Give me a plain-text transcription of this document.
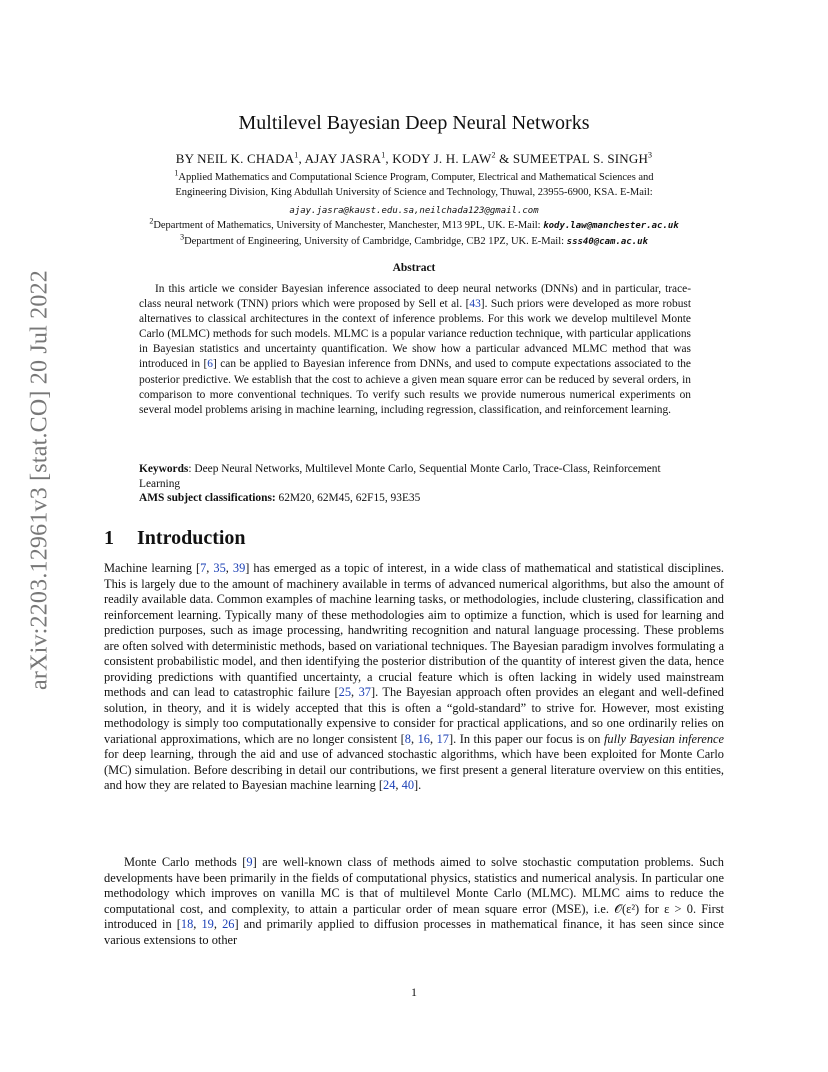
arXiv:2203.12961v3 [stat.CO] 20 Jul 2022
Multilevel Bayesian Deep Neural Networks
BY NEIL K. CHADA$^1$, AJAY JASRA$^1$, KODY J. H. LAW$^2$ & SUMEETPAL S. SINGH$^3$
$^1$Applied Mathematics and Computational Science Program, Computer, Electrical and Mathematical Sciences and
Engineering Division, King Abdullah University of Science and Technology, Thuwal, 23955-6900, KSA. E-Mail:
ajay.jasra@kaust.edu.sa,neilchada123@gmail.com
$^2$Department of Mathematics, University of Manchester, Manchester, M13 9PL, UK. E-Mail: kody.law@manchester.ac.uk
$^3$Department of Engineering, University of Cambridge, Cambridge, CB2 1PZ, UK. E-Mail: sss40@cam.ac.uk
Abstract

In this article we consider Bayesian inference associated to deep neural networks (DNNs) and in particular, trace-class neural network (TNN) priors which were proposed by Sell et al. [43]. Such priors were developed as more robust alternatives to classical architectures in the context of inference problems. For this work we develop multilevel Monte Carlo (MLMC) methods for such models. MLMC is a popular variance reduction technique, with particular applications in Bayesian statistics and uncertainty quantification. We show how a particular advanced MLMC method that was introduced in [6] can be applied to Bayesian inference from DNNs, and used to compute expectations associated to the posterior predictive. We establish that the cost to achieve a given mean square error can be reduced by several orders, in comparison to more conventional techniques. To verify such results we provide numerous numerical experiments on several model problems arising in machine learning, including regression, classification, and reinforcement learning.

Keywords: Deep Neural Networks, Multilevel Monte Carlo, Sequential Monte Carlo, Trace-Class, Reinforcement Learning

AMS subject classifications: 62M20, 62M45, 62F15, 93E35

1 Introduction

Machine learning [7, 35, 39] has emerged as a topic of interest, in a wide class of mathematical and statistical disciplines. This is largely due to the amount of machinery available in terms of advanced numerical algorithms, but also the amount of readily available data. Common examples of machine learning tasks, or methodologies, include clustering, classification and reinforcement learning. Typically many of these methodologies aim to optimize a function, which is used for learning and prediction purposes, such as image processing, handwriting recognition and natural language processing. These problems are often solved with deterministic methods, based on variational techniques. The Bayesian paradigm involves formulating a consistent probabilistic model, and then identifying the posterior distribution of the quantity of interest given the data, hence providing predictions with quantified uncertainty, a crucial feature which is often lacking in widely used mainstream methods and can lead to catastrophic failure [25, 37]. The Bayesian approach often provides an elegant and well-defined solution, in theory, and it is widely accepted that this is often a “gold-standard” to strive for. However, most existing methodology is simply too computationally expensive to consider for practical applications, and so one ordinarily relies on variational approximations, which are no longer consistent [8, 16, 17]. In this paper our focus is on fully Bayesian inference for deep learning, through the aid and use of advanced stochastic algorithms, which have been exploited for Monte Carlo (MC) simulation. Before describing in detail our contributions, we first present a general literature overview on this entities, and how they are related to Bayesian machine learning [24, 40].

Monte Carlo methods [9] are well-known class of methods aimed to solve stochastic computation problems. Such developments have been primarily in the fields of computational physics, statistics and numerical analysis. In particular one methodology which improves on vanilla MC is that of multilevel Monte Carlo (MLMC). MLMC aims to reduce the computational cost, and complexity, to attain a particular order of mean square error (MSE), i.e. 𝒪(ε²) for ε > 0. First introduced in [18, 19, 26] and primarily applied to diffusion processes in mathematical finance, it has seen since since various extensions to other

1
